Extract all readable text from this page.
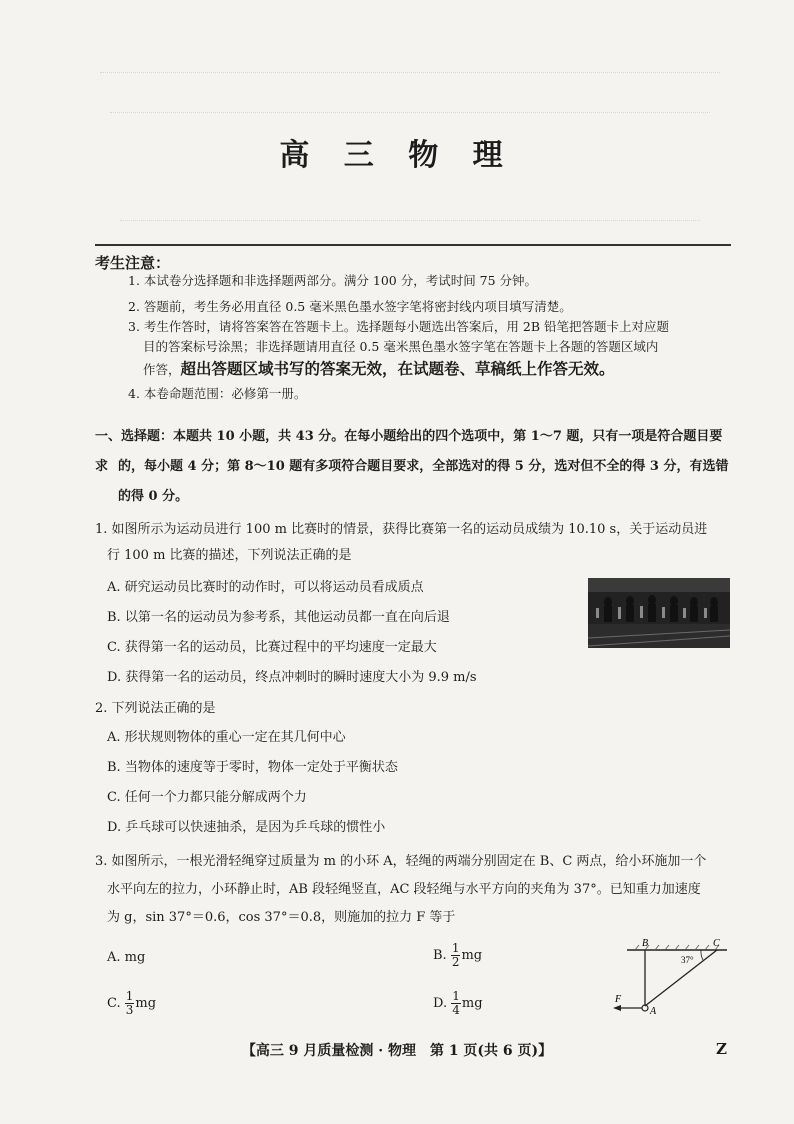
高 三 物 理
考生注意：
1. 本试卷分选择题和非选择题两部分。满分 100 分，考试时间 75 分钟。
2. 答题前，考生务必用直径 0.5 毫米黑色墨水签字笔将密封线内项目填写清楚。
3. 考生作答时，请将答案答在答题卡上。选择题每小题选出答案后，用 2B 铅笔把答题卡上对应题
目的答案标号涂黑；非选择题请用直径 0.5 毫米黑色墨水签字笔在答题卡上各题的答题区域内
作答，超出答题区域书写的答案无效，在试题卷、草稿纸上作答无效。
4. 本卷命题范围：必修第一册。
一、选择题：本题共 10 小题，共 43 分。在每小题给出的四个选项中，第 1～7 题，只有一项是符合题目要求 的，每小题 4 分；第 8～10 题有多项符合题目要求，全部选对的得 5 分，选对但不全的得 3 分，有选错
的得 0 分。
1. 如图所示为运动员进行 100 m 比赛时的情景，获得比赛第一名的运动员成绩为 10.10 s，关于运动员进
行 100 m 比赛的描述，下列说法正确的是
A. 研究运动员比赛时的动作时，可以将运动员看成质点
B. 以第一名的运动员为参考系，其他运动员都一直在向后退
C. 获得第一名的运动员，比赛过程中的平均速度一定最大
D. 获得第一名的运动员，终点冲刺时的瞬时速度大小为 9.9 m/s
2. 下列说法正确的是
A. 形状规则物体的重心一定在其几何中心
B. 当物体的速度等于零时，物体一定处于平衡状态
C. 任何一个力都只能分解成两个力
D. 乒乓球可以快速抽杀，是因为乒乓球的惯性小
3. 如图所示，一根光滑轻绳穿过质量为 m 的小环 A，轻绳的两端分别固定在 B、C 两点，给小环施加一个
水平向左的拉力，小环静止时，AB 段轻绳竖直，AC 段轻绳与水平方向的夹角为 37°。已知重力加速度
为 g，sin 37°＝0.6，cos 37°＝0.8，则施加的拉力 F 等于
A. mg	B. $\frac{1}{2}$ mg
C. $\frac{1}{3}$ mg	D. $\frac{1}{4}$ mg
B	C
A
F
37°
【高三 9 月质量检测 · 物理　第 1 页(共 6 页)】	Z
